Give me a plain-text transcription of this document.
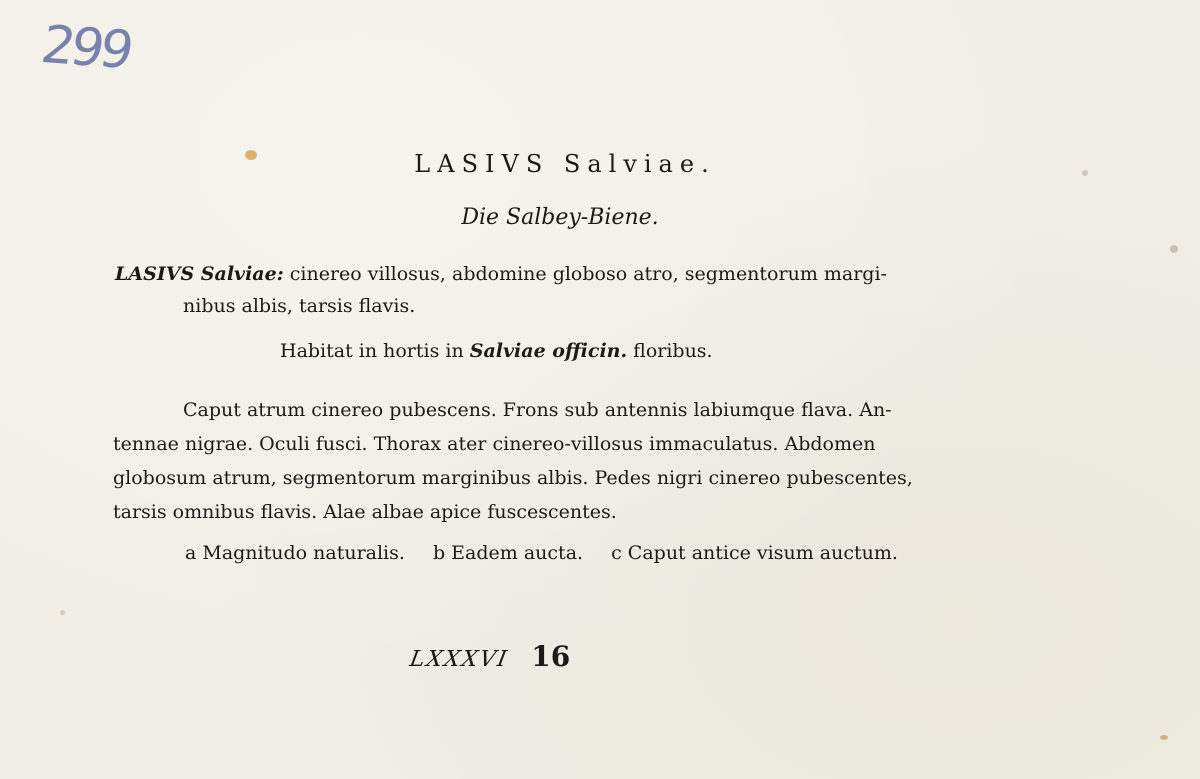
299
LASIVS Salviae.
Die Salbey-Biene.
LASIVS Salviae: cinereo villosus, abdomine globoso atro, segmentorum margi-
nibus albis, tarsis flavis.
Habitat in hortis in Salviae officin. floribus.
Caput atrum cinereo pubescens. Frons sub antennis labiumque flava. An-
tennae nigrae. Oculi fusci. Thorax ater cinereo-villosus immaculatus. Abdomen
globosum atrum, segmentorum marginibus albis. Pedes nigri cinereo pubescentes,
tarsis omnibus flavis. Alae albae apice fuscescentes.
a Magnitudo naturalis. b Eadem aucta. c Caput antice visum auctum.
LXXXVI 16
